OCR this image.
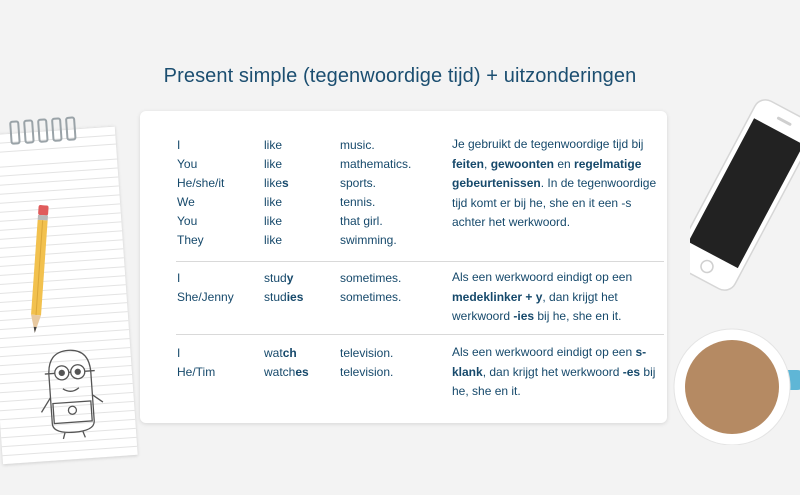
Present simple (tegenwoordige tijd) + uitzonderingen
I
You
He/she/it
We
You
They
like
like
likes
like
like
like
music.
mathematics.
sports.
tennis.
that girl.
swimming.
Je gebruikt de tegenwoordige tijd bij feiten, gewoonten en regelmatige gebeurtenissen. In de tegenwoordige tijd komt er bij he, she en it een -s achter het werkwoord.
I
She/Jenny
study
studies
sometimes.
sometimes.
Als een werkwoord eindigt op een medeklinker + y, dan krijgt het werkwoord -ies bij he, she en it.
I
He/Tim
watch
watches
television.
television.
Als een werkwoord eindigt op een s-klank, dan krijgt het werkwoord -es bij he, she en it.
